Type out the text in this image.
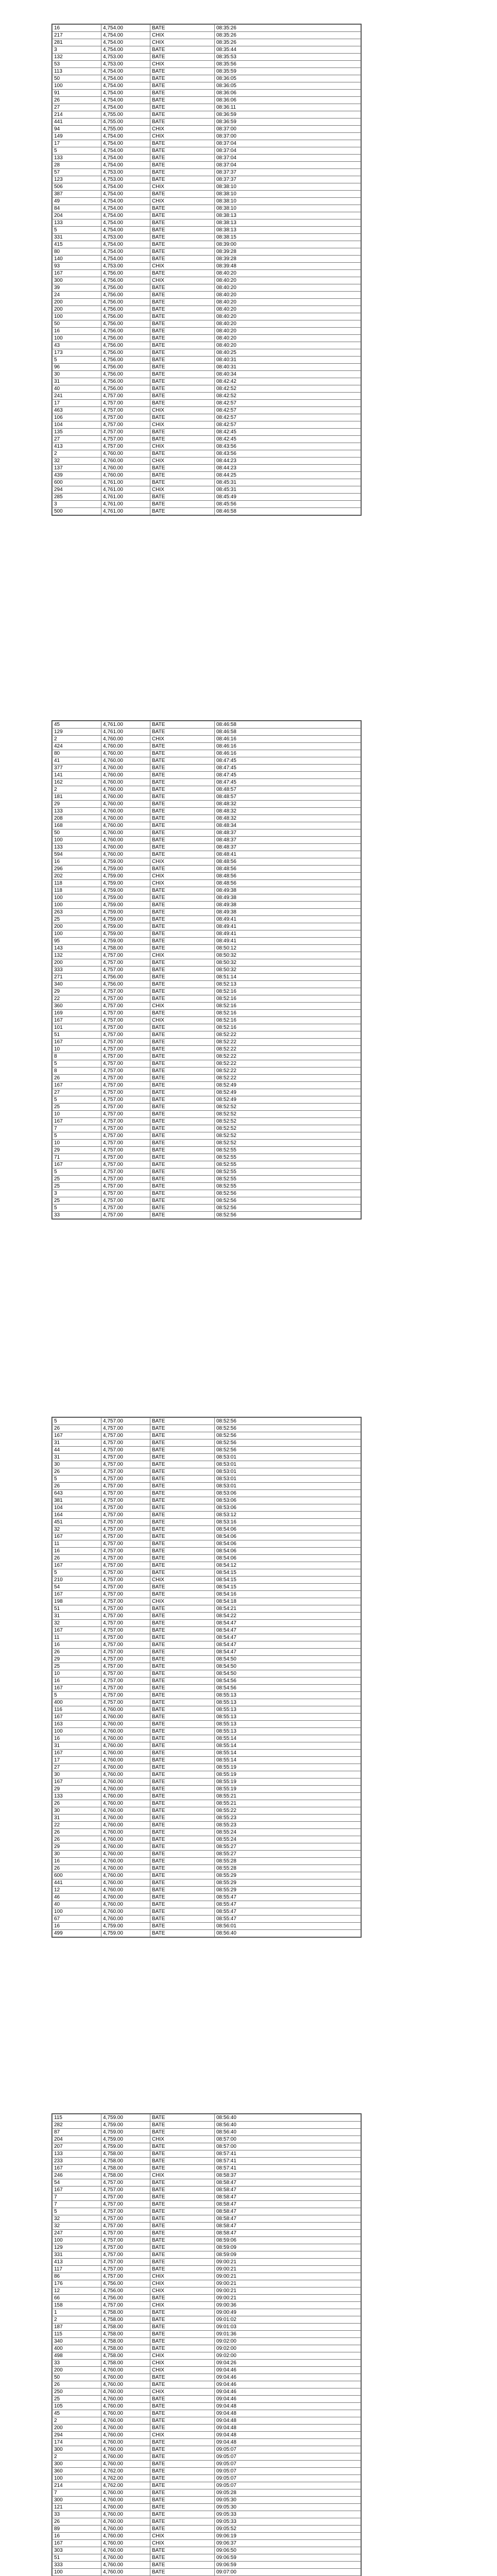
16	4,754.00	BATE	08:35:26
217	4,754.00	CHIX	08:35:26
281	4,754.00	CHIX	08:35:26
3	4,754.00	BATE	08:35:44
132	4,753.00	BATE	08:35:53
53	4,753.00	CHIX	08:35:56
113	4,754.00	BATE	08:35:59
50	4,754.00	BATE	08:36:05
100	4,754.00	BATE	08:36:05
91	4,754.00	BATE	08:36:06
26	4,754.00	BATE	08:36:06
27	4,754.00	BATE	08:36:11
214	4,755.00	BATE	08:36:59
441	4,755.00	BATE	08:36:59
94	4,755.00	CHIX	08:37:00
149	4,754.00	CHIX	08:37:00
17	4,754.00	BATE	08:37:04
5	4,754.00	BATE	08:37:04
133	4,754.00	BATE	08:37:04
28	4,754.00	BATE	08:37:04
57	4,753.00	BATE	08:37:37
123	4,753.00	BATE	08:37:37
506	4,754.00	CHIX	08:38:10
387	4,754.00	BATE	08:38:10
49	4,754.00	CHIX	08:38:10
84	4,754.00	BATE	08:38:10
204	4,754.00	BATE	08:38:13
133	4,754.00	BATE	08:38:13
5	4,754.00	BATE	08:38:13
331	4,753.00	BATE	08:38:15
415	4,754.00	BATE	08:39:00
80	4,754.00	BATE	08:39:28
140	4,754.00	BATE	08:39:28
93	4,753.00	CHIX	08:39:48
167	4,756.00	BATE	08:40:20
300	4,756.00	CHIX	08:40:20
39	4,756.00	BATE	08:40:20
24	4,756.00	BATE	08:40:20
200	4,756.00	BATE	08:40:20
200	4,756.00	BATE	08:40:20
100	4,756.00	BATE	08:40:20
50	4,756.00	BATE	08:40:20
16	4,756.00	BATE	08:40:20
100	4,756.00	BATE	08:40:20
43	4,756.00	BATE	08:40:20
173	4,756.00	BATE	08:40:25
5	4,756.00	BATE	08:40:31
96	4,756.00	BATE	08:40:31
30	4,756.00	BATE	08:40:34
31	4,756.00	BATE	08:42:42
40	4,756.00	BATE	08:42:52
241	4,757.00	BATE	08:42:52
17	4,757.00	BATE	08:42:57
463	4,757.00	CHIX	08:42:57
106	4,757.00	BATE	08:42:57
104	4,757.00	CHIX	08:42:57
135	4,757.00	BATE	08:42:45
27	4,757.00	BATE	08:42:45
413	4,757.00	CHIX	08:43:56
2	4,760.00	BATE	08:43:56
32	4,760.00	CHIX	08:44:23
137	4,760.00	BATE	08:44:23
439	4,760.00	BATE	08:44:25
600	4,761.00	BATE	08:45:31
294	4,761.00	CHIX	08:45:31
285	4,761.00	BATE	08:45:49
3	4,761.00	BATE	08:45:56
500	4,761.00	BATE	08:46:58
45	4,761.00	BATE	08:46:58
129	4,761.00	BATE	08:46:58
2	4,760.00	CHIX	08:46:16
424	4,760.00	BATE	08:46:16
80	4,760.00	BATE	08:46:16
41	4,760.00	BATE	08:47:45
377	4,760.00	BATE	08:47:45
141	4,760.00	BATE	08:47:45
162	4,760.00	BATE	08:47:45
2	4,760.00	BATE	08:48:57
181	4,760.00	BATE	08:48:57
29	4,760.00	BATE	08:48:32
133	4,760.00	BATE	08:48:32
208	4,760.00	BATE	08:48:32
168	4,760.00	BATE	08:48:34
50	4,760.00	BATE	08:48:37
100	4,760.00	BATE	08:48:37
133	4,760.00	BATE	08:48:37
594	4,760.00	BATE	08:48:41
16	4,759.00	CHIX	08:48:56
296	4,759.00	BATE	08:48:56
202	4,759.00	CHIX	08:48:56
118	4,759.00	CHIX	08:48:56
118	4,759.00	BATE	08:49:38
100	4,759.00	BATE	08:49:38
100	4,759.00	BATE	08:49:38
263	4,759.00	BATE	08:49:38
25	4,759.00	BATE	08:49:41
200	4,759.00	BATE	08:49:41
100	4,759.00	BATE	08:49:41
95	4,759.00	BATE	08:49:41
143	4,758.00	BATE	08:50:12
132	4,757.00	CHIX	08:50:32
200	4,757.00	BATE	08:50:32
333	4,757.00	BATE	08:50:32
271	4,756.00	BATE	08:51:14
340	4,756.00	BATE	08:52:13
29	4,757.00	BATE	08:52:16
22	4,757.00	BATE	08:52:16
360	4,757.00	CHIX	08:52:16
169	4,757.00	BATE	08:52:16
167	4,757.00	CHIX	08:52:16
101	4,757.00	BATE	08:52:16
51	4,757.00	BATE	08:52:22
167	4,757.00	BATE	08:52:22
10	4,757.00	BATE	08:52:22
8	4,757.00	BATE	08:52:22
5	4,757.00	BATE	08:52:22
8	4,757.00	BATE	08:52:22
26	4,757.00	BATE	08:52:22
167	4,757.00	BATE	08:52:49
27	4,757.00	BATE	08:52:49
5	4,757.00	BATE	08:52:49
25	4,757.00	BATE	08:52:52
10	4,757.00	BATE	08:52:52
167	4,757.00	BATE	08:52:52
7	4,757.00	BATE	08:52:52
5	4,757.00	BATE	08:52:52
10	4,757.00	BATE	08:52:52
29	4,757.00	BATE	08:52:55
71	4,757.00	BATE	08:52:55
167	4,757.00	BATE	08:52:55
5	4,757.00	BATE	08:52:55
25	4,757.00	BATE	08:52:55
25	4,757.00	BATE	08:52:55
3	4,757.00	BATE	08:52:56
25	4,757.00	BATE	08:52:56
5	4,757.00	BATE	08:52:56
33	4,757.00	BATE	08:52:56
5	4,757.00	BATE	08:52:56
26	4,757.00	BATE	08:52:56
167	4,757.00	BATE	08:52:56
31	4,757.00	BATE	08:52:56
44	4,757.00	BATE	08:52:56
31	4,757.00	BATE	08:53:01
30	4,757.00	BATE	08:53:01
26	4,757.00	BATE	08:53:01
5	4,757.00	BATE	08:53:01
26	4,757.00	BATE	08:53:01
643	4,757.00	BATE	08:53:06
381	4,757.00	BATE	08:53:06
104	4,757.00	BATE	08:53:06
164	4,757.00	BATE	08:53:12
451	4,757.00	BATE	08:53:16
32	4,757.00	BATE	08:54:06
167	4,757.00	BATE	08:54:06
11	4,757.00	BATE	08:54:06
16	4,757.00	BATE	08:54:06
26	4,757.00	BATE	08:54:06
167	4,757.00	BATE	08:54:12
5	4,757.00	BATE	08:54:15
210	4,757.00	CHIX	08:54:15
54	4,757.00	BATE	08:54:15
167	4,757.00	BATE	08:54:16
198	4,757.00	CHIX	08:54:18
51	4,757.00	BATE	08:54:21
31	4,757.00	BATE	08:54:22
32	4,757.00	BATE	08:54:47
167	4,757.00	BATE	08:54:47
11	4,757.00	BATE	08:54:47
16	4,757.00	BATE	08:54:47
26	4,757.00	BATE	08:54:47
29	4,757.00	BATE	08:54:50
25	4,757.00	BATE	08:54:50
10	4,757.00	BATE	08:54:50
16	4,757.00	BATE	08:54:56
167	4,757.00	BATE	08:54:56
5	4,757.00	BATE	08:55:13
400	4,757.00	BATE	08:55:13
116	4,760.00	BATE	08:55:13
167	4,760.00	BATE	08:55:13
163	4,760.00	BATE	08:55:13
100	4,760.00	BATE	08:55:13
16	4,760.00	BATE	08:55:14
31	4,760.00	BATE	08:55:14
167	4,760.00	BATE	08:55:14
17	4,760.00	BATE	08:55:14
27	4,760.00	BATE	08:55:19
30	4,760.00	BATE	08:55:19
167	4,760.00	BATE	08:55:19
29	4,760.00	BATE	08:55:19
133	4,760.00	BATE	08:55:21
26	4,760.00	BATE	08:55:21
30	4,760.00	BATE	08:55:22
31	4,760.00	BATE	08:55:23
22	4,760.00	BATE	08:55:23
26	4,760.00	BATE	08:55:24
26	4,760.00	BATE	08:55:24
29	4,760.00	BATE	08:55:27
30	4,760.00	BATE	08:55:27
16	4,760.00	BATE	08:55:28
26	4,760.00	BATE	08:55:28
600	4,760.00	BATE	08:55:29
441	4,760.00	BATE	08:55:29
12	4,760.00	BATE	08:55:29
46	4,760.00	BATE	08:55:47
40	4,760.00	BATE	08:55:47
100	4,760.00	BATE	08:55:47
67	4,760.00	BATE	08:55:47
16	4,759.00	BATE	08:56:01
499	4,759.00	BATE	08:56:40
115	4,759.00	BATE	08:56:40
282	4,759.00	BATE	08:56:40
87	4,759.00	BATE	08:56:40
204	4,759.00	CHIX	08:57:00
207	4,759.00	BATE	08:57:00
133	4,758.00	BATE	08:57:41
233	4,758.00	BATE	08:57:41
167	4,758.00	BATE	08:57:41
246	4,758.00	CHIX	08:58:37
54	4,757.00	BATE	08:58:47
167	4,757.00	BATE	08:58:47
7	4,757.00	BATE	08:58:47
7	4,757.00	BATE	08:58:47
5	4,757.00	BATE	08:58:47
32	4,757.00	BATE	08:58:47
32	4,757.00	BATE	08:58:47
247	4,757.00	BATE	08:58:47
100	4,757.00	BATE	08:59:06
129	4,757.00	BATE	08:59:09
331	4,757.00	BATE	08:59:09
413	4,757.00	BATE	09:00:21
117	4,757.00	BATE	09:00:21
86	4,757.00	CHIX	09:00:21
176	4,756.00	CHIX	09:00:21
12	4,756.00	CHIX	09:00:21
66	4,756.00	BATE	09:00:21
158	4,757.00	CHIX	09:00:36
1	4,758.00	BATE	09:00:49
2	4,758.00	BATE	09:01:02
187	4,758.00	BATE	09:01:03
115	4,758.00	BATE	09:01:36
340	4,758.00	BATE	09:02:00
400	4,758.00	BATE	09:02:00
498	4,758.00	CHIX	09:02:00
33	4,758.00	CHIX	09:04:26
200	4,760.00	CHIX	09:04:46
50	4,760.00	BATE	09:04:46
26	4,760.00	BATE	09:04:46
250	4,760.00	CHIX	09:04:46
25	4,760.00	BATE	09:04:46
105	4,760.00	BATE	09:04:48
45	4,760.00	BATE	09:04:48
2	4,760.00	BATE	09:04:48
200	4,760.00	BATE	09:04:48
294	4,760.00	CHIX	09:04:48
174	4,760.00	BATE	09:04:48
300	4,760.00	BATE	09:05:07
2	4,760.00	BATE	09:05:07
300	4,760.00	BATE	09:05:07
360	4,762.00	BATE	09:05:07
100	4,762.00	BATE	09:05:07
214	4,762.00	BATE	09:05:07
7	4,760.00	BATE	09:05:28
300	4,760.00	BATE	09:05:30
121	4,760.00	BATE	09:05:30
33	4,760.00	BATE	09:05:33
26	4,760.00	BATE	09:05:33
89	4,760.00	BATE	09:05:52
16	4,760.00	CHIX	09:06:19
167	4,760.00	CHIX	09:06:37
303	4,760.00	BATE	09:06:50
51	4,760.00	BATE	09:06:59
333	4,760.00	BATE	09:06:59
100	4,760.00	BATE	09:07:00
